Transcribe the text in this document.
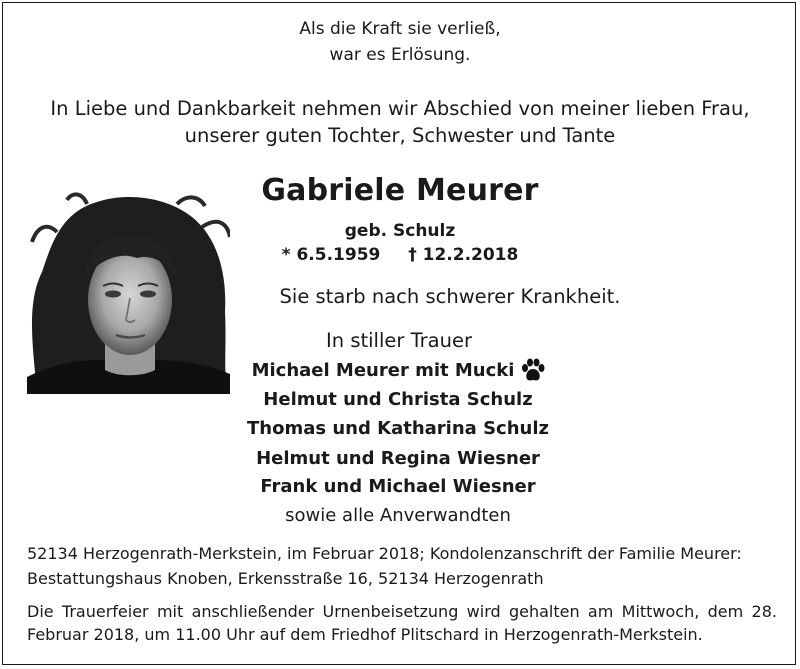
Als die Kraft sie verließ,
war es Erlösung.
In Liebe und Dankbarkeit nehmen wir Abschied von meiner lieben Frau,
unserer guten Tochter, Schwester und Tante
Gabriele Meurer
geb. Schulz
* 6.5.1959 † 12.2.2018
Sie starb nach schwerer Krankheit.
In stiller Trauer
Michael Meurer mit Mucki
Helmut und Christa Schulz
Thomas und Katharina Schulz
Helmut und Regina Wiesner
Frank und Michael Wiesner
sowie alle Anverwandten
52134 Herzogenrath-Merkstein, im Februar 2018; Kondolenzanschrift der Familie Meurer:
Bestattungshaus Knoben, Erkensstraße 16, 52134 Herzogenrath
Die Trauerfeier mit anschließender Urnenbeisetzung wird gehalten am Mittwoch, dem 28. Februar 2018, um 11.00 Uhr auf dem Friedhof Plitschard in Herzogenrath-Merkstein.
